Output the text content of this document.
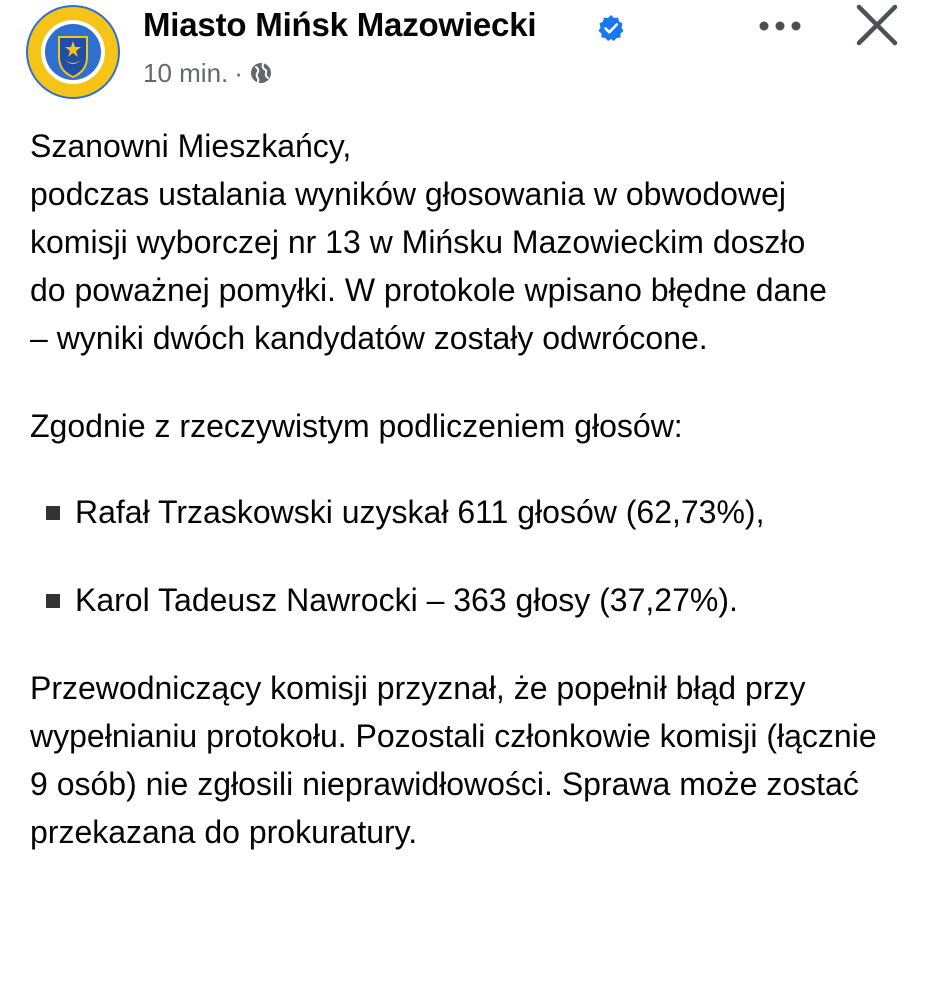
Miasto Mińsk Mazowiecki
10 min. ·

Szanowni Mieszkańcy,

podczas ustalania wyników głosowania w obwodowej komisji wyborczej nr 13 w Mińsku Mazowieckim doszło do poważnej pomyłki. W protokole wpisano błędne dane – wyniki dwóch kandydatów zostały odwrócone.

Zgodnie z rzeczywistym podliczeniem głosów:

Rafał Trzaskowski uzyskał 611 głosów (62,73%),
Karol Tadeusz Nawrocki – 363 głosy (37,27%).

Przewodniczący komisji przyznał, że popełnił błąd przy wypełnianiu protokołu. Pozostali członkowie komisji (łącznie 9 osób) nie zgłosili nieprawidłowości. Sprawa może zostać przekazana do prokuratury.
